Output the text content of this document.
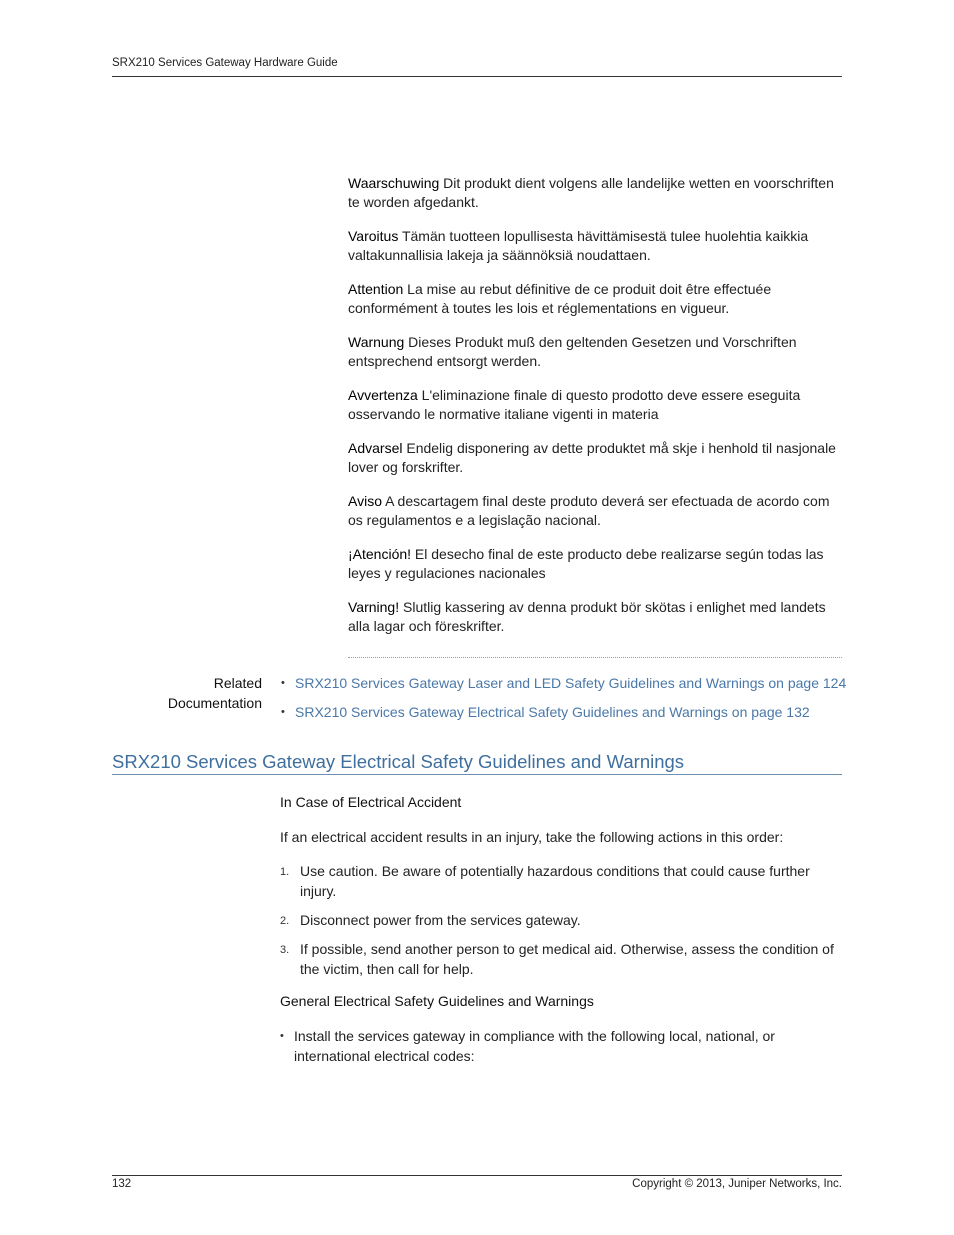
SRX210 Services Gateway Hardware Guide

Waarschuwing Dit produkt dient volgens alle landelijke wetten en voorschriften te worden afgedankt.

Varoitus Tämän tuotteen lopullisesta hävittämisestä tulee huolehtia kaikkia valtakunnallisia lakeja ja säännöksiä noudattaen.

Attention La mise au rebut définitive de ce produit doit être effectuée conformément à toutes les lois et réglementations en vigueur.

Warnung Dieses Produkt muß den geltenden Gesetzen und Vorschriften entsprechend entsorgt werden.

Avvertenza L'eliminazione finale di questo prodotto deve essere eseguita osservando le normative italiane vigenti in materia

Advarsel Endelig disponering av dette produktet må skje i henhold til nasjonale lover og forskrifter.

Aviso A descartagem final deste produto deverá ser efectuada de acordo com os regulamentos e a legislação nacional.

¡Atención! El desecho final de este producto debe realizarse según todas las leyes y regulaciones nacionales

Varning! Slutlig kassering av denna produkt bör skötas i enlighet med landets alla lagar och föreskrifter.

Related
Documentation
• SRX210 Services Gateway Laser and LED Safety Guidelines and Warnings on page 124
• SRX210 Services Gateway Electrical Safety Guidelines and Warnings on page 132
SRX210 Services Gateway Electrical Safety Guidelines and Warnings
In Case of Electrical Accident
If an electrical accident results in an injury, take the following actions in this order:
1. Use caution. Be aware of potentially hazardous conditions that could cause further injury.
2. Disconnect power from the services gateway.
3. If possible, send another person to get medical aid. Otherwise, assess the condition of the victim, then call for help.
General Electrical Safety Guidelines and Warnings
• Install the services gateway in compliance with the following local, national, or international electrical codes:
132	Copyright © 2013, Juniper Networks, Inc.
